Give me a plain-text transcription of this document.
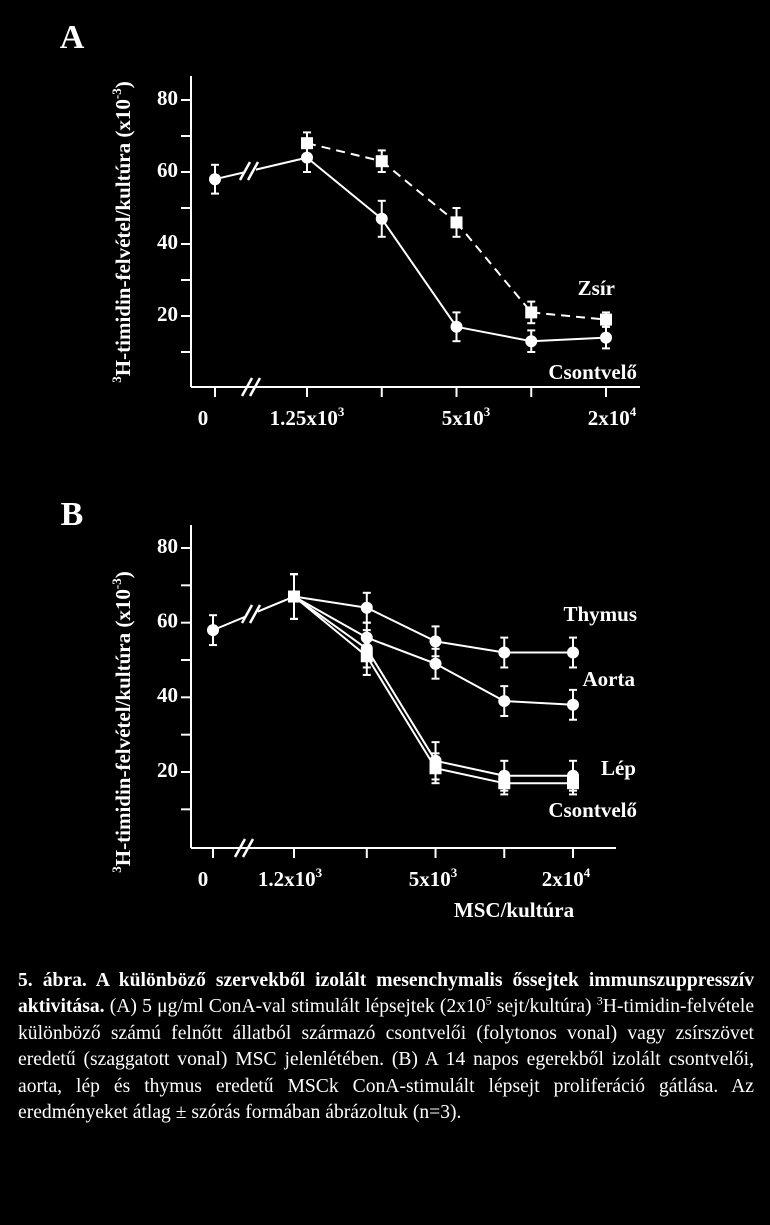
A
20
40
60
80
0	$1.25x10^3$	$5x10^3$	$2x10^4$
$^3$H-timidin-felvétel/kultúra $(x10^{-3})$
Zsír
Csontvelő
B
20
40
60
80
0 $1.2x10^3$	$5x10^3$	$2x10^4$
$^3$H-timidin-felvétel/kultúra $(x10^{-3})$
MSC/kultúra
Thymus
Aorta
Lép
Csontvelő
5. ábra. A különböző szervekből izolált mesenchymalis őssejtek immunszuppresszív aktivitása. (A) 5 μg/ml ConA-val stimulált lépsejtek ($2x10^5$ sejt/kultúra) $^3$H-timidin-felvétele különböző számú felnőtt állatból származó csontvelői (folytonos vonal) vagy zsírszövet eredetű (szaggatott vonal) MSC jelenlétében. (B) A 14 napos egerekből izolált csontvelői, aorta, lép és thymus eredetű MSCk ConA-stimulált lépsejt proliferáció gátlása. Az eredményeket átlag ± szórás formában ábrázoltuk (n=3).
